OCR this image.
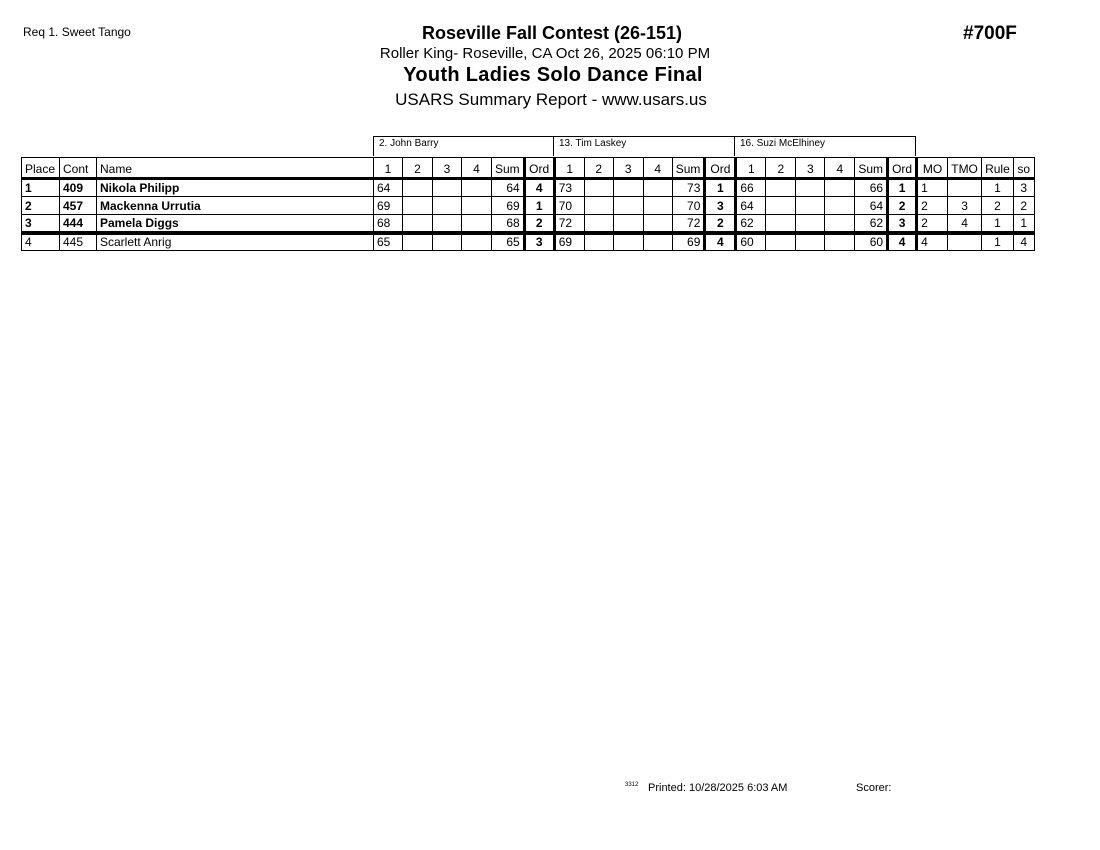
Req 1. Sweet Tango	Roseville Fall Contest (26-151)
Roller King- Roseville, CA Oct 26, 2025 06:10 PM
Youth Ladies Solo Dance Final
USARS Summary Report - www.usars.us
#700F
2. John Barry	13. Tim Laskey	16. Suzi McElhiney
Place	Cont	Name	1	2	3	4	Sum	Ord	1	2	3	4	Sum	Ord	1	2	3	4	Sum	Ord	MO	TMO	Rule	so
1	409	Nikola Philipp	64				64	4	73				73	1	66				66	1	1		1	3
2	457	Mackenna Urrutia	69				69	1	70				70	3	64				64	2	2	3	2	2
3	444	Pamela Diggs	68				68	2	72				72	2	62				62	3	2	4	1	1
4	445	Scarlett Anrig	65				65	3	69				69	4	60				60	4	4		1	4
3312 Printed: 10/28/2025 6:03 AM	Scorer:
